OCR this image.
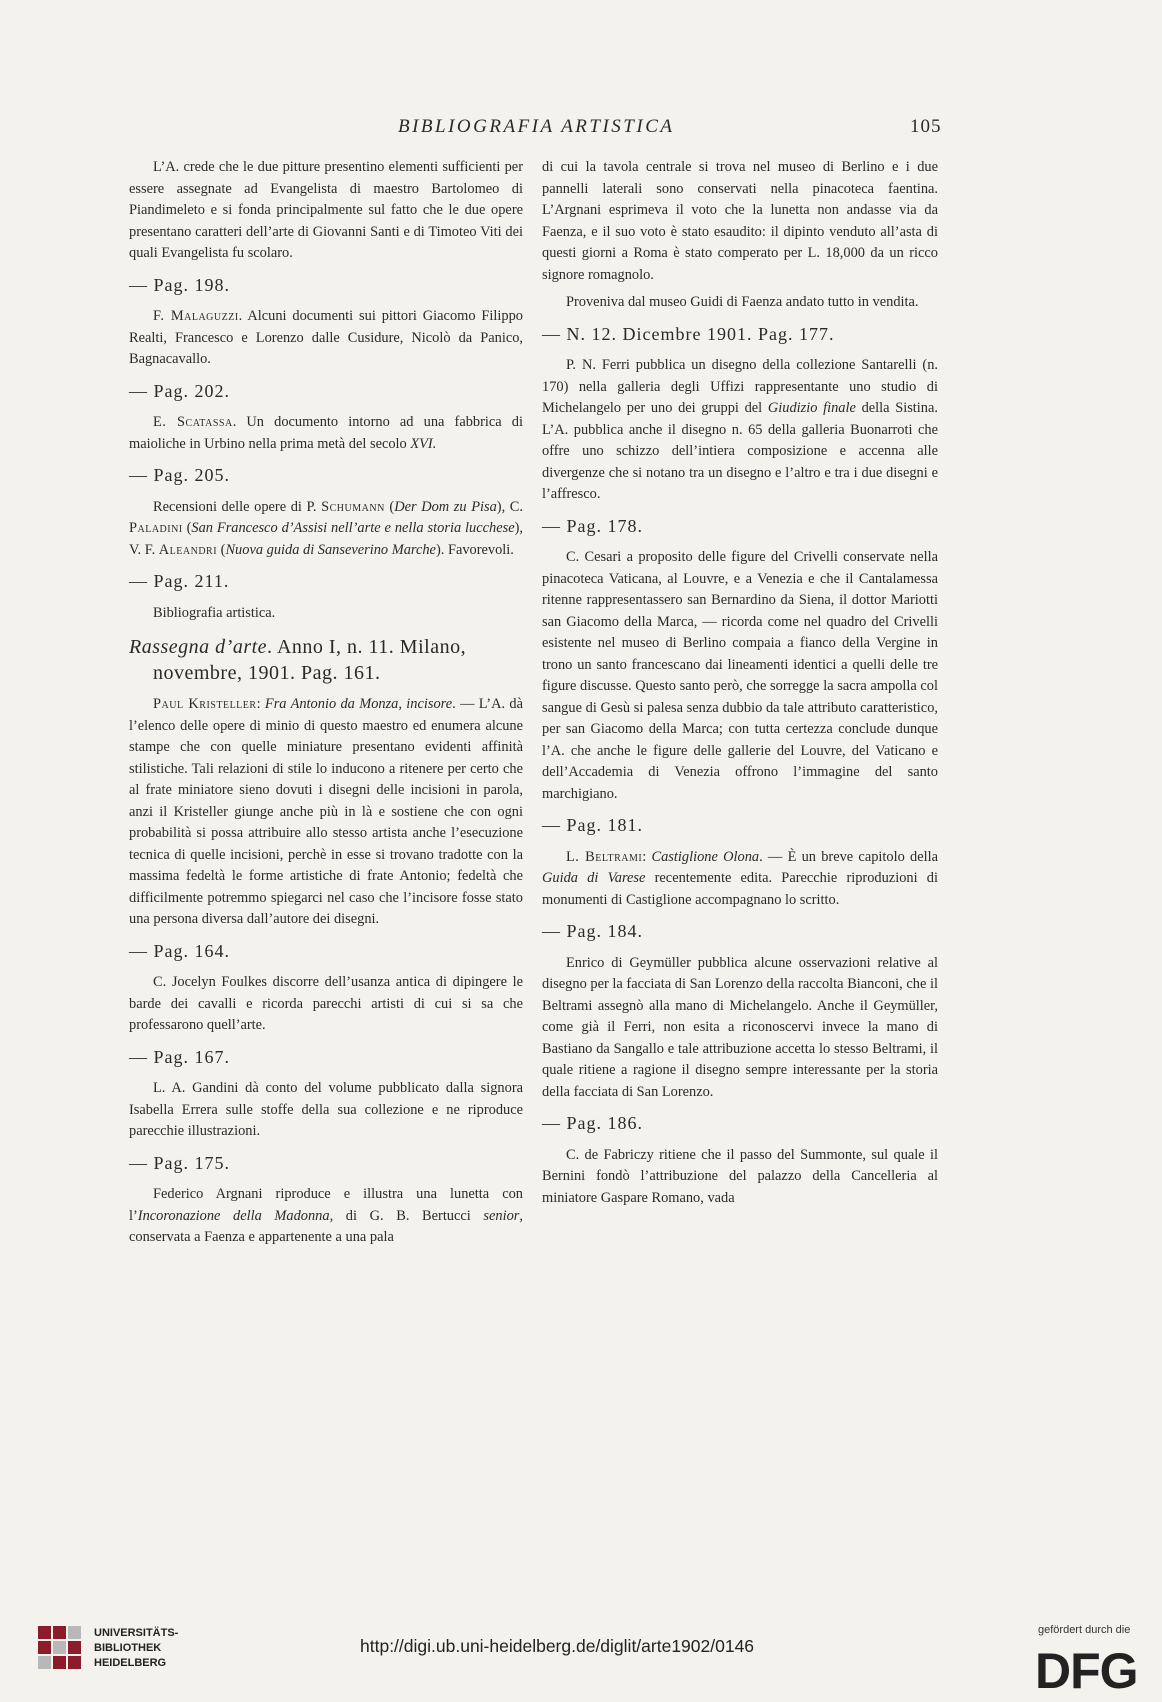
BIBLIOGRAFIA ARTISTICA	105

L’A. crede che le due pitture presentino elementi sufficienti per essere assegnate ad Evangelista di maestro Bartolomeo di Piandimeleto e si fonda principalmente sul fatto che le due opere presentano caratteri dell’arte di Giovanni Santi e di Timoteo Viti dei quali Evangelista fu scolaro.

— Pag. 198.

F. Malaguzzi. Alcuni documenti sui pittori Giacomo Filippo Realti, Francesco e Lorenzo dalle Cusidure, Nicolò da Panico, Bagnacavallo.

— Pag. 202.

E. Scatassa. Un documento intorno ad una fabbrica di maioliche in Urbino nella prima metà del secolo XVI.

— Pag. 205.

Recensioni delle opere di P. Schumann (Der Dom zu Pisa), C. Paladini (San Francesco d’Assisi nell’arte e nella storia lucchese), V. F. Aleandri (Nuova guida di Sanseverino Marche). Favorevoli.

— Pag. 211.

Bibliografia artistica.

Rassegna d’arte. Anno I, n. 11. Milano, novembre, 1901. Pag. 161.

Paul Kristeller: Fra Antonio da Monza, incisore. — L’A. dà l’elenco delle opere di minio di questo maestro ed enumera alcune stampe che con quelle miniature presentano evidenti affinità stilistiche. Tali relazioni di stile lo inducono a ritenere per certo che al frate miniatore sieno dovuti i disegni delle incisioni in parola, anzi il Kristeller giunge anche più in là e sostiene che con ogni probabilità si possa attribuire allo stesso artista anche l’esecuzione tecnica di quelle incisioni, perchè in esse si trovano tradotte con la massima fedeltà le forme artistiche di frate Antonio; fedeltà che difficilmente potremmo spiegarci nel caso che l’incisore fosse stato una persona diversa dall’autore dei disegni.

— Pag. 164.

C. Jocelyn Foulkes discorre dell’usanza antica di dipingere le barde dei cavalli e ricorda parecchi artisti di cui si sa che professarono quell’arte.

— Pag. 167.

L. A. Gandini dà conto del volume pubblicato dalla signora Isabella Errera sulle stoffe della sua collezione e ne riproduce parecchie illustrazioni.

— Pag. 175.

Federico Argnani riproduce e illustra una lunetta con l’Incoronazione della Madonna, di G. B. Bertucci senior, conservata a Faenza e appartenente a una pala

di cui la tavola centrale si trova nel museo di Berlino e i due pannelli laterali sono conservati nella pinacoteca faentina. L’Argnani esprimeva il voto che la lunetta non andasse via da Faenza, e il suo voto è stato esaudito: il dipinto venduto all’asta di questi giorni a Roma è stato comperato per L. 18,000 da un ricco signore romagnolo.

Proveniva dal museo Guidi di Faenza andato tutto in vendita.

— N. 12. Dicembre 1901. Pag. 177.

P. N. Ferri pubblica un disegno della collezione Santarelli (n. 170) nella galleria degli Uffizi rappresentante uno studio di Michelangelo per uno dei gruppi del Giudizio finale della Sistina. L’A. pubblica anche il disegno n. 65 della galleria Buonarroti che offre uno schizzo dell’intiera composizione e accenna alle divergenze che si notano tra un disegno e l’altro e tra i due disegni e l’affresco.

— Pag. 178.

C. Cesari a proposito delle figure del Crivelli conservate nella pinacoteca Vaticana, al Louvre, e a Venezia e che il Cantalamessa ritenne rappresentassero san Bernardino da Siena, il dottor Mariotti san Giacomo della Marca, — ricorda come nel quadro del Crivelli esistente nel museo di Berlino compaia a fianco della Vergine in trono un santo francescano dai lineamenti identici a quelli delle tre figure discusse. Questo santo però, che sorregge la sacra ampolla col sangue di Gesù si palesa senza dubbio da tale attributo caratteristico, per san Giacomo della Marca; con tutta certezza conclude dunque l’A. che anche le figure delle gallerie del Louvre, del Vaticano e dell’Accademia di Venezia offrono l’immagine del santo marchigiano.

— Pag. 181.

L. Beltrami: Castiglione Olona. — È un breve capitolo della Guida di Varese recentemente edita. Parecchie riproduzioni di monumenti di Castiglione accompagnano lo scritto.

— Pag. 184.

Enrico di Geymüller pubblica alcune osservazioni relative al disegno per la facciata di San Lorenzo della raccolta Bianconi, che il Beltrami assegnò alla mano di Michelangelo. Anche il Geymüller, come già il Ferri, non esita a riconoscervi invece la mano di Bastiano da Sangallo e tale attribuzione accetta lo stesso Beltrami, il quale ritiene a ragione il disegno sempre interessante per la storia della facciata di San Lorenzo.

— Pag. 186.

C. de Fabriczy ritiene che il passo del Summonte, sul quale il Bernini fondò l’attribuzione del palazzo della Cancelleria al miniatore Gaspare Romano, vada

UNIVERSITÄTS-
BIBLIOTHEK
HEIDELBERG
http://digi.ub.uni-heidelberg.de/diglit/arte1902/0146
gefördert durch die
DFG
